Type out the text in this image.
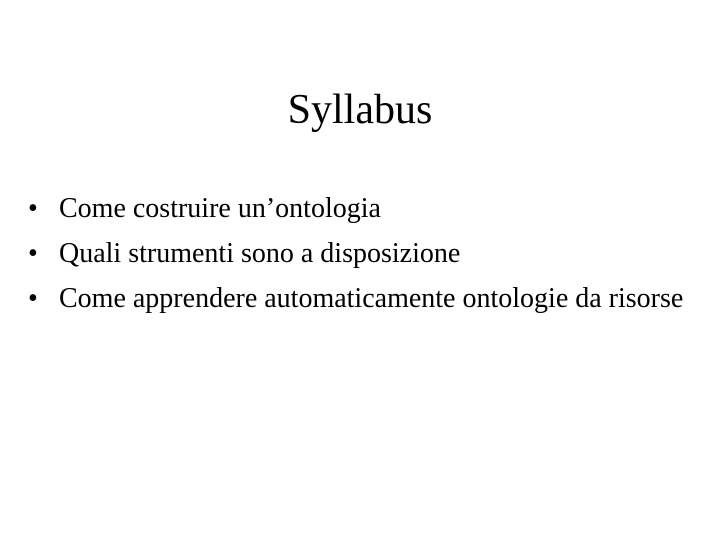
Syllabus
• Come costruire un’ontologia
• Quali strumenti sono a disposizione
• Come apprendere automaticamente ontologie da risorse
